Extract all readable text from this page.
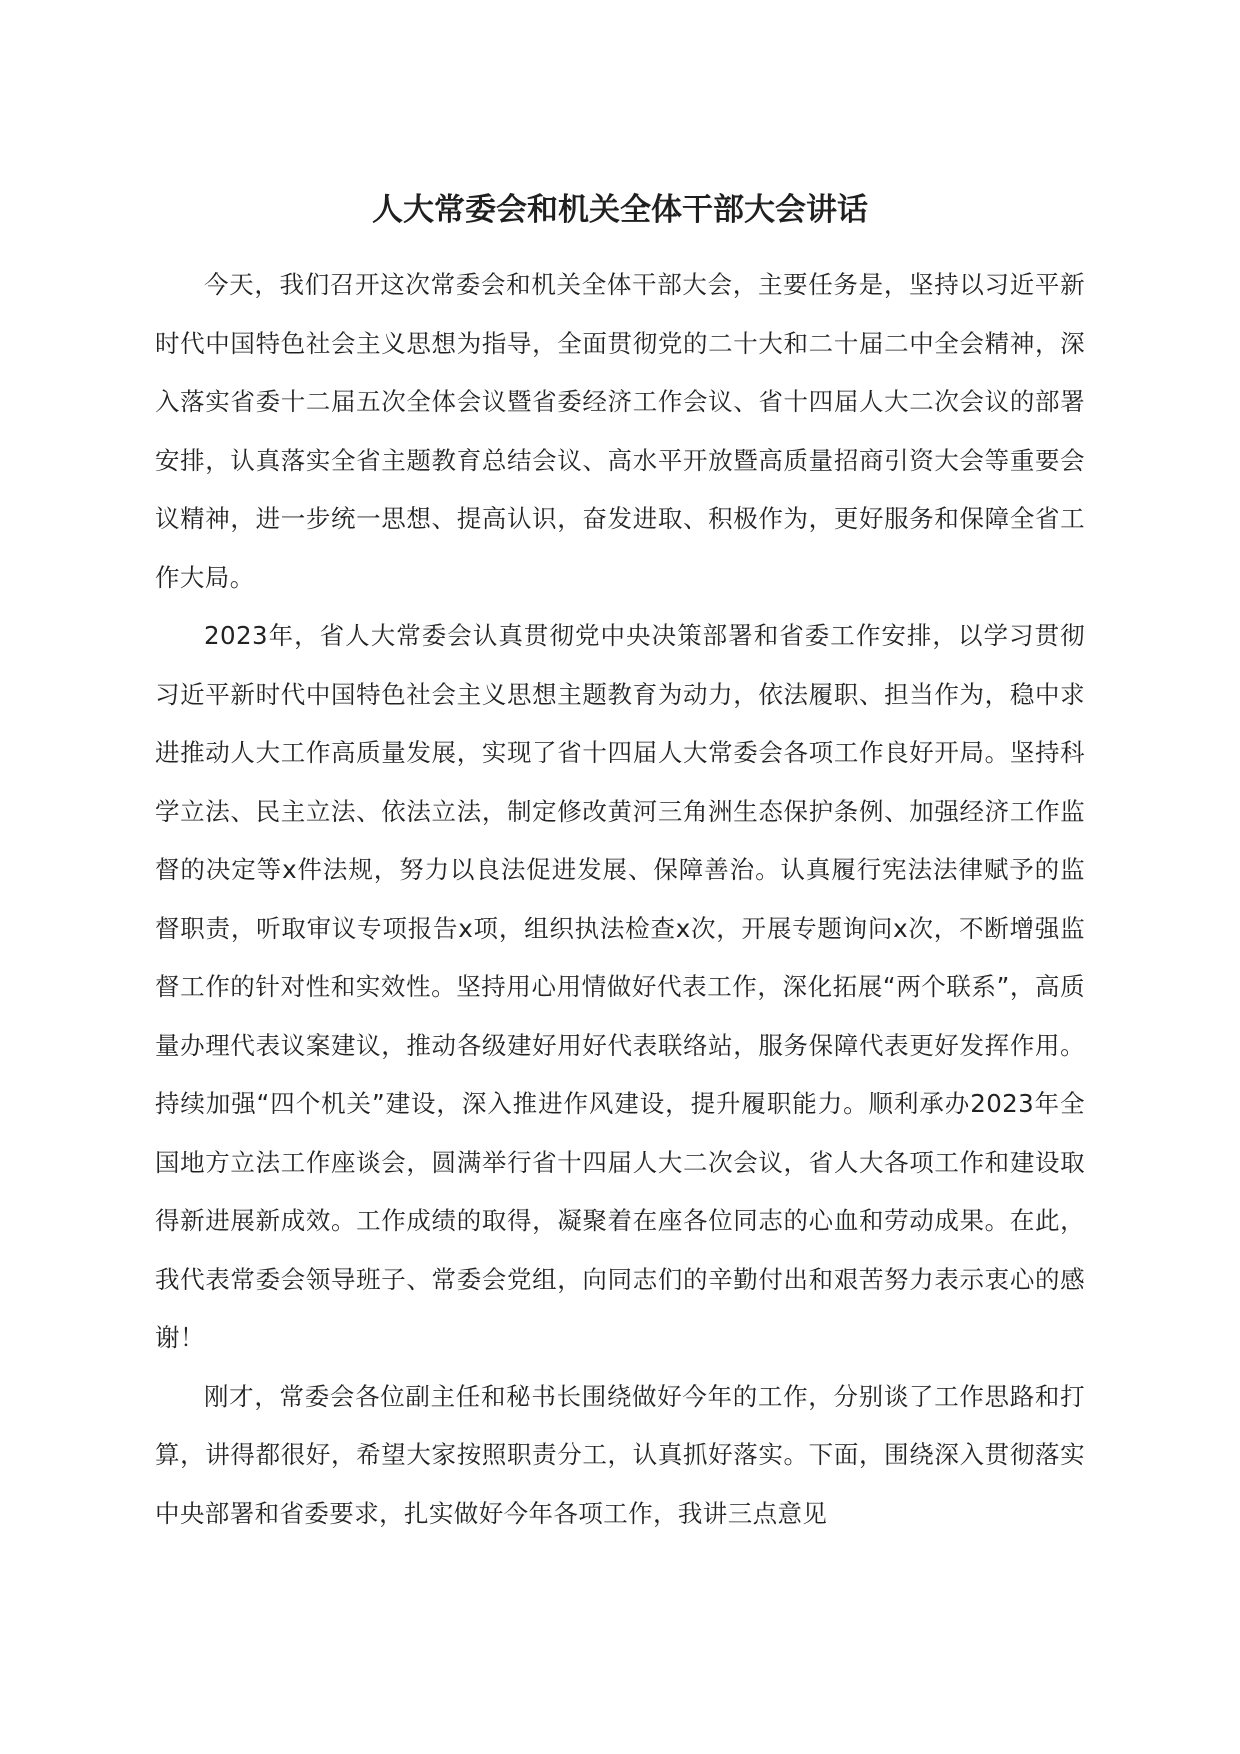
人大常委会和机关全体干部大会讲话

今天，我们召开这次常委会和机关全体干部大会，主要任务是，坚持以习近平新时代中国特色社会主义思想为指导，全面贯彻党的二十大和二十届二中全会精神，深入落实省委十二届五次全体会议暨省委经济工作会议、省十四届人大二次会议的部署安排，认真落实全省主题教育总结会议、高水平开放暨高质量招商引资大会等重要会议精神，进一步统一思想、提高认识，奋发进取、积极作为，更好服务和保障全省工作大局。

2023年，省人大常委会认真贯彻党中央决策部署和省委工作安排，以学习贯彻习近平新时代中国特色社会主义思想主题教育为动力，依法履职、担当作为，稳中求进推动人大工作高质量发展，实现了省十四届人大常委会各项工作良好开局。坚持科学立法、民主立法、依法立法，制定修改黄河三角洲生态保护条例、加强经济工作监督的决定等x件法规，努力以良法促进发展、保障善治。认真履行宪法法律赋予的监督职责，听取审议专项报告x项，组织执法检查x次，开展专题询问x次，不断增强监督工作的针对性和实效性。坚持用心用情做好代表工作，深化拓展“两个联系”，高质量办理代表议案建议，推动各级建好用好代表联络站，服务保障代表更好发挥作用。持续加强“四个机关”建设，深入推进作风建设，提升履职能力。顺利承办2023年全国地方立法工作座谈会，圆满举行省十四届人大二次会议，省人大各项工作和建设取得新进展新成效。工作成绩的取得，凝聚着在座各位同志的心血和劳动成果。在此，我代表常委会领导班子、常委会党组，向同志们的辛勤付出和艰苦努力表示衷心的感谢！

刚才，常委会各位副主任和秘书长围绕做好今年的工作，分别谈了工作思路和打算，讲得都很好，希望大家按照职责分工，认真抓好落实。下面，围绕深入贯彻落实中央部署和省委要求，扎实做好今年各项工作，我讲三点意见
